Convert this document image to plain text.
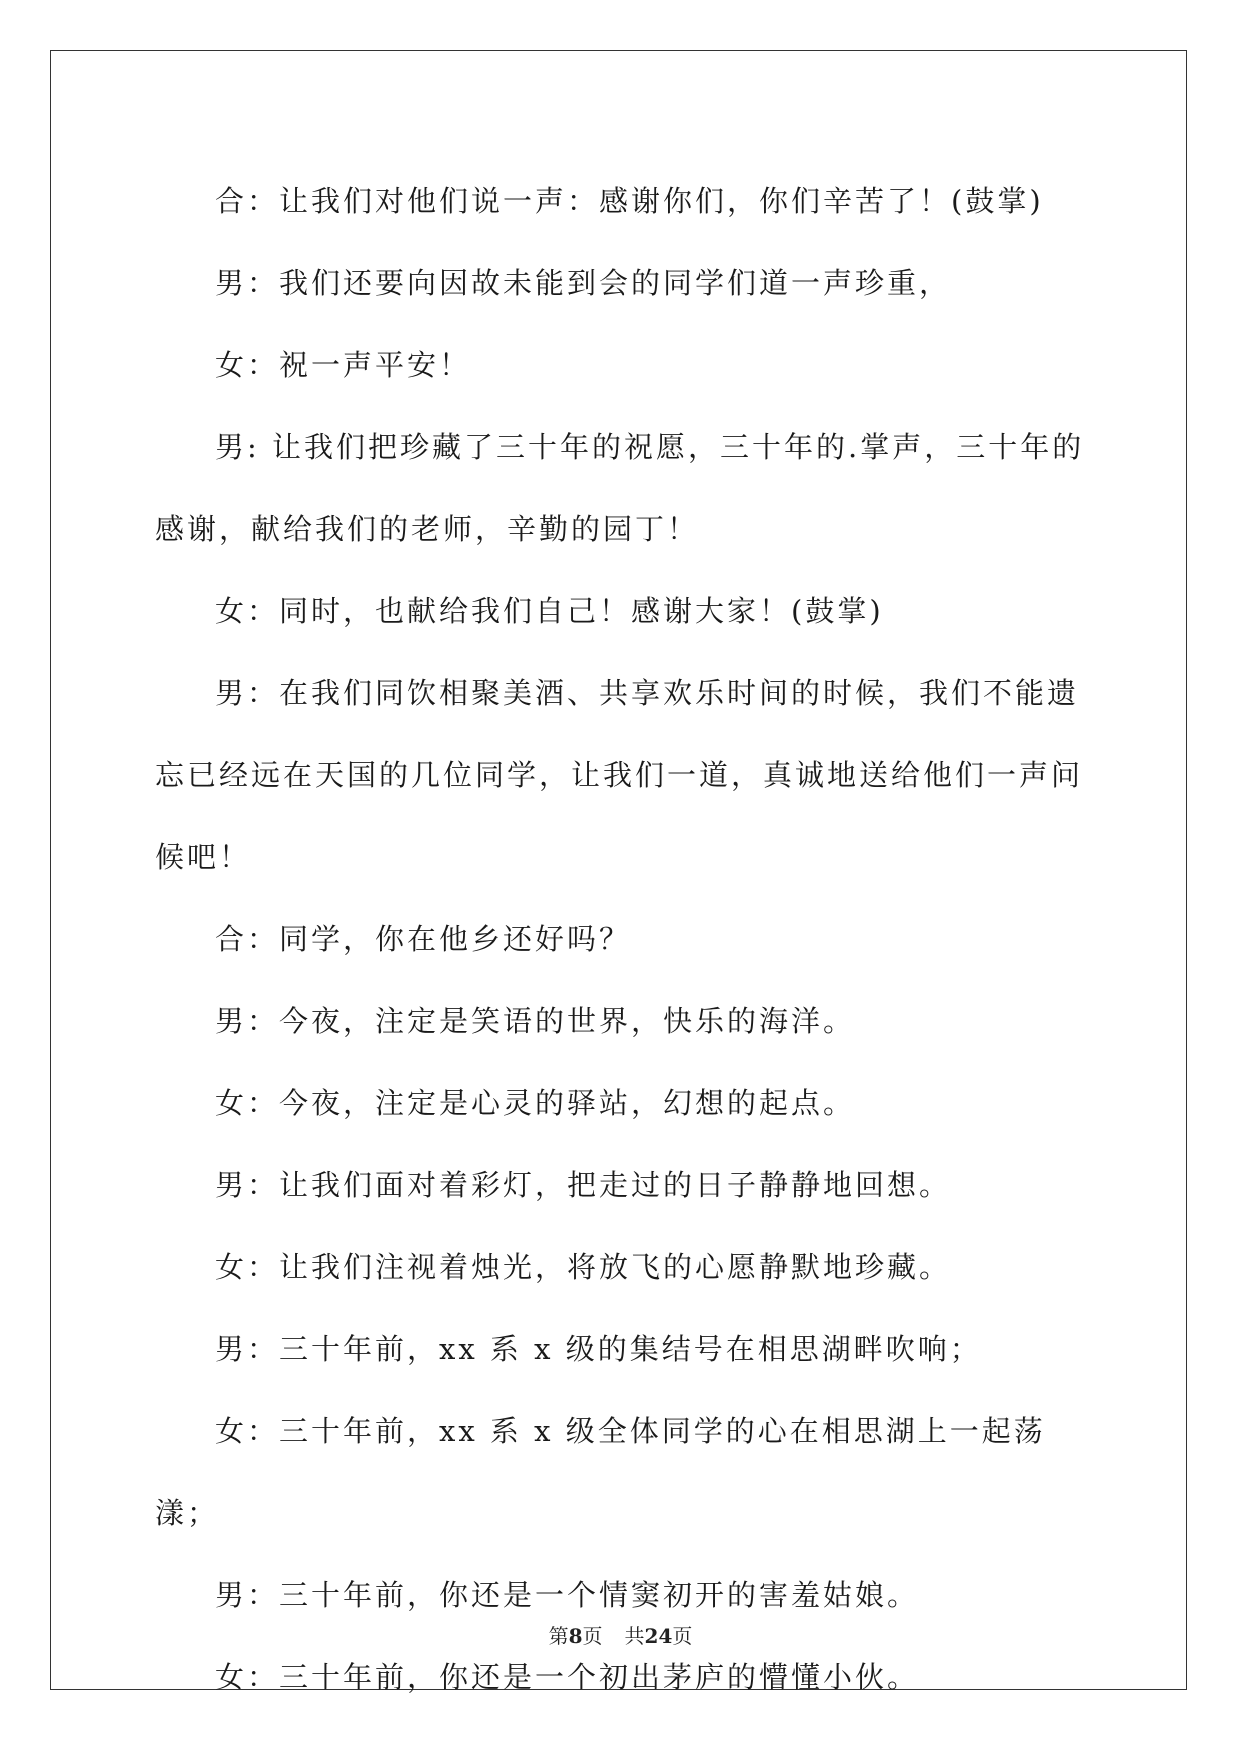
合：让我们对他们说一声：感谢你们，你们辛苦了！(鼓掌)

男：我们还要向因故未能到会的同学们道一声珍重，

女：祝一声平安！

男: 让我们把珍藏了三十年的祝愿，三十年的.掌声，三十年的感谢，献给我们的老师，辛勤的园丁！

女：同时，也献给我们自己！感谢大家！(鼓掌)

男：在我们同饮相聚美酒、共享欢乐时间的时候，我们不能遗忘已经远在天国的几位同学，让我们一道，真诚地送给他们一声问候吧！

合：同学，你在他乡还好吗？

男：今夜，注定是笑语的世界，快乐的海洋。

女：今夜，注定是心灵的驿站，幻想的起点。

男：让我们面对着彩灯，把走过的日子静静地回想。

女：让我们注视着烛光，将放飞的心愿静默地珍藏。

男：三十年前，xx 系 x 级的集结号在相思湖畔吹响；

女：三十年前，xx 系 x 级全体同学的心在相思湖上一起荡漾；

男：三十年前，你还是一个情窦初开的害羞姑娘。

女：三十年前，你还是一个初出茅庐的懵懂小伙。

第8页 共24页
